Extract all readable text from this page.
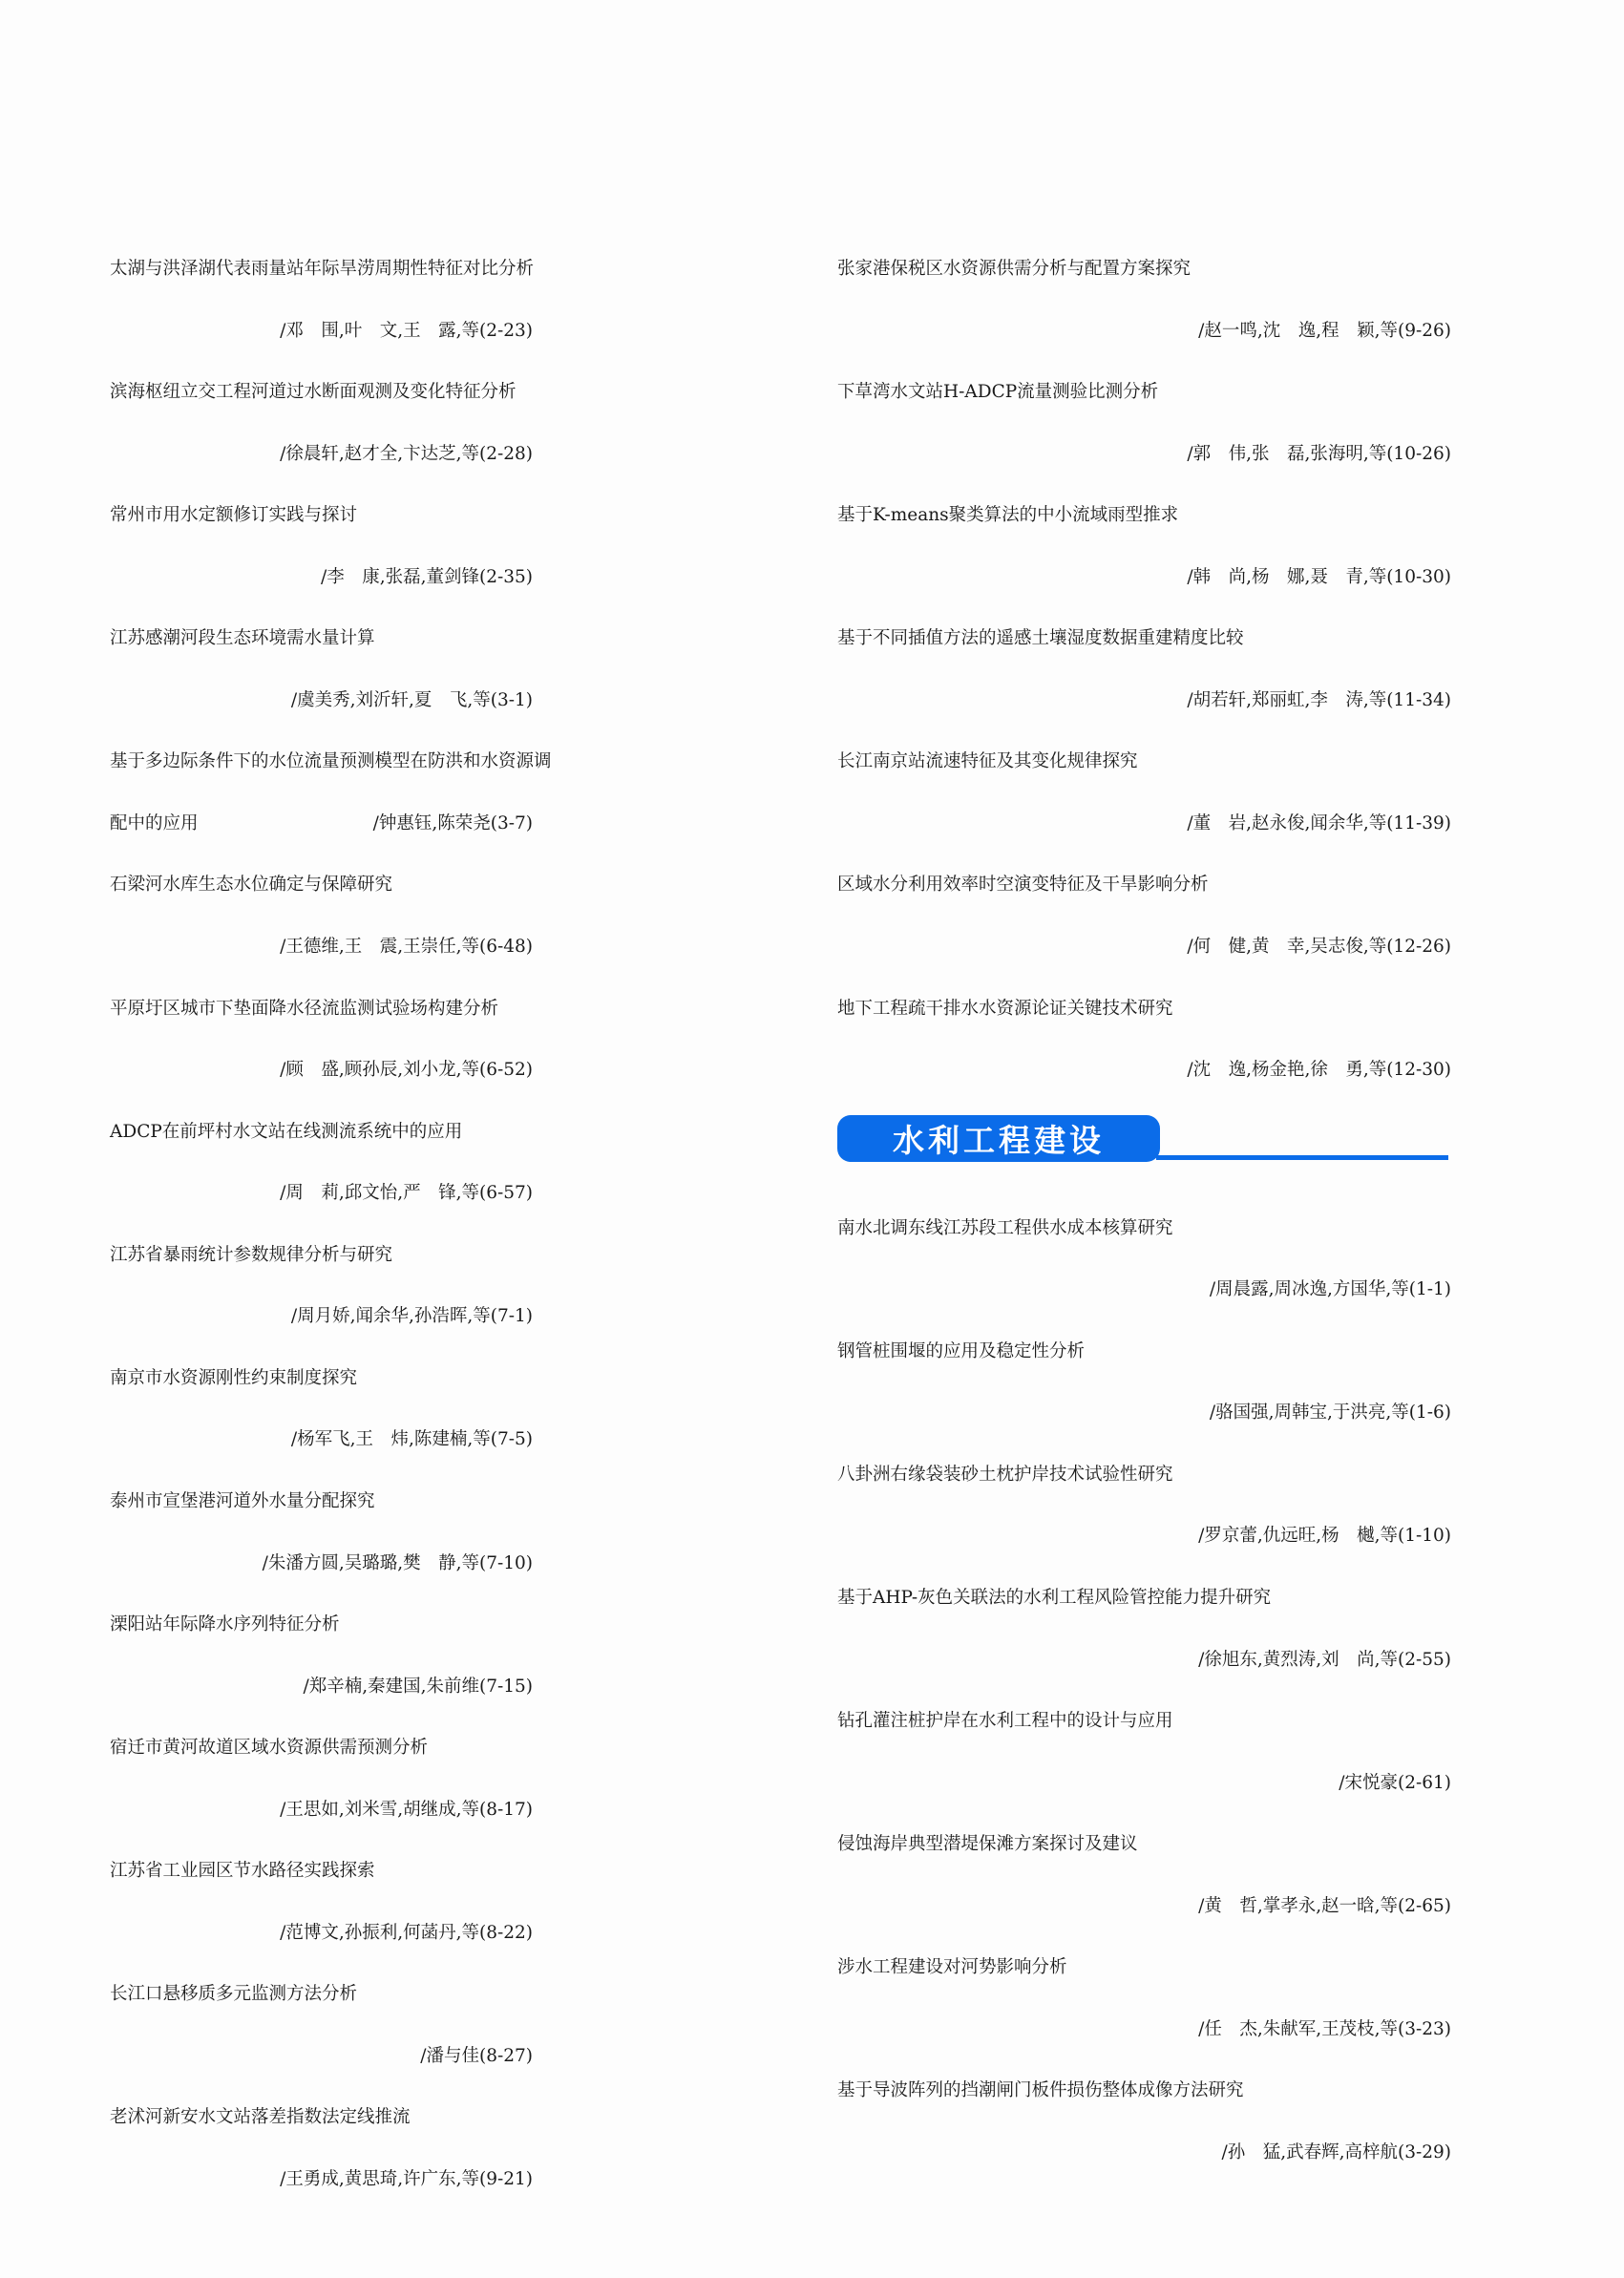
太湖与洪泽湖代表雨量站年际旱涝周期性特征对比分析
/邓　围,叶　文,王　露,等(2-23)
滨海枢纽立交工程河道过水断面观测及变化特征分析
/徐晨轩,赵才全,卞达芝,等(2-28)
常州市用水定额修订实践与探讨
/李　康,张磊,董剑锋(2-35)
江苏感潮河段生态环境需水量计算
/虞美秀,刘沂轩,夏　飞,等(3-1)
基于多边际条件下的水位流量预测模型在防洪和水资源调
配中的应用	/钟惠钰,陈荣尧(3-7)
石梁河水库生态水位确定与保障研究
/王德维,王　震,王崇任,等(6-48)
平原圩区城市下垫面降水径流监测试验场构建分析
/顾　盛,顾孙辰,刘小龙,等(6-52)
ADCP在前坪村水文站在线测流系统中的应用
/周　莉,邱文怡,严　锋,等(6-57)
江苏省暴雨统计参数规律分析与研究
/周月娇,闻余华,孙浩晖,等(7-1)
南京市水资源刚性约束制度探究
/杨军飞,王　炜,陈建楠,等(7-5)
泰州市宣堡港河道外水量分配探究
/朱潘方圆,吴璐璐,樊　静,等(7-10)
溧阳站年际降水序列特征分析
/郑辛楠,秦建国,朱前维(7-15)
宿迁市黄河故道区域水资源供需预测分析
/王思如,刘米雪,胡继成,等(8-17)
江苏省工业园区节水路径实践探索
/范博文,孙振利,何菡丹,等(8-22)
长江口悬移质多元监测方法分析
/潘与佳(8-27)
老沭河新安水文站落差指数法定线推流
/王勇成,黄思琦,许广东,等(9-21)
张家港保税区水资源供需分析与配置方案探究
/赵一鸣,沈　逸,程　颖,等(9-26)
下草湾水文站H-ADCP流量测验比测分析
/郭　伟,张　磊,张海明,等(10-26)
基于K-means聚类算法的中小流域雨型推求
/韩　尚,杨　娜,聂　青,等(10-30)
基于不同插值方法的遥感土壤湿度数据重建精度比较
/胡若轩,郑丽虹,李　涛,等(11-34)
长江南京站流速特征及其变化规律探究
/董　岩,赵永俊,闻余华,等(11-39)
区域水分利用效率时空演变特征及干旱影响分析
/何　健,黄　幸,吴志俊,等(12-26)
地下工程疏干排水水资源论证关键技术研究
/沈　逸,杨金艳,徐　勇,等(12-30)
水利工程建设
南水北调东线江苏段工程供水成本核算研究
/周晨露,周冰逸,方国华,等(1-1)
钢管桩围堰的应用及稳定性分析
/骆国强,周韩宝,于洪亮,等(1-6)
八卦洲右缘袋装砂土枕护岸技术试验性研究
/罗京蕾,仇远旺,杨　樾,等(1-10)
基于AHP-灰色关联法的水利工程风险管控能力提升研究
/徐旭东,黄烈涛,刘　尚,等(2-55)
钻孔灌注桩护岸在水利工程中的设计与应用
/宋悦豪(2-61)
侵蚀海岸典型潜堤保滩方案探讨及建议
/黄　哲,掌孝永,赵一晗,等(2-65)
涉水工程建设对河势影响分析
/任　杰,朱献军,王茂枝,等(3-23)
基于导波阵列的挡潮闸门板件损伤整体成像方法研究
/孙　猛,武春辉,高梓航(3-29)
